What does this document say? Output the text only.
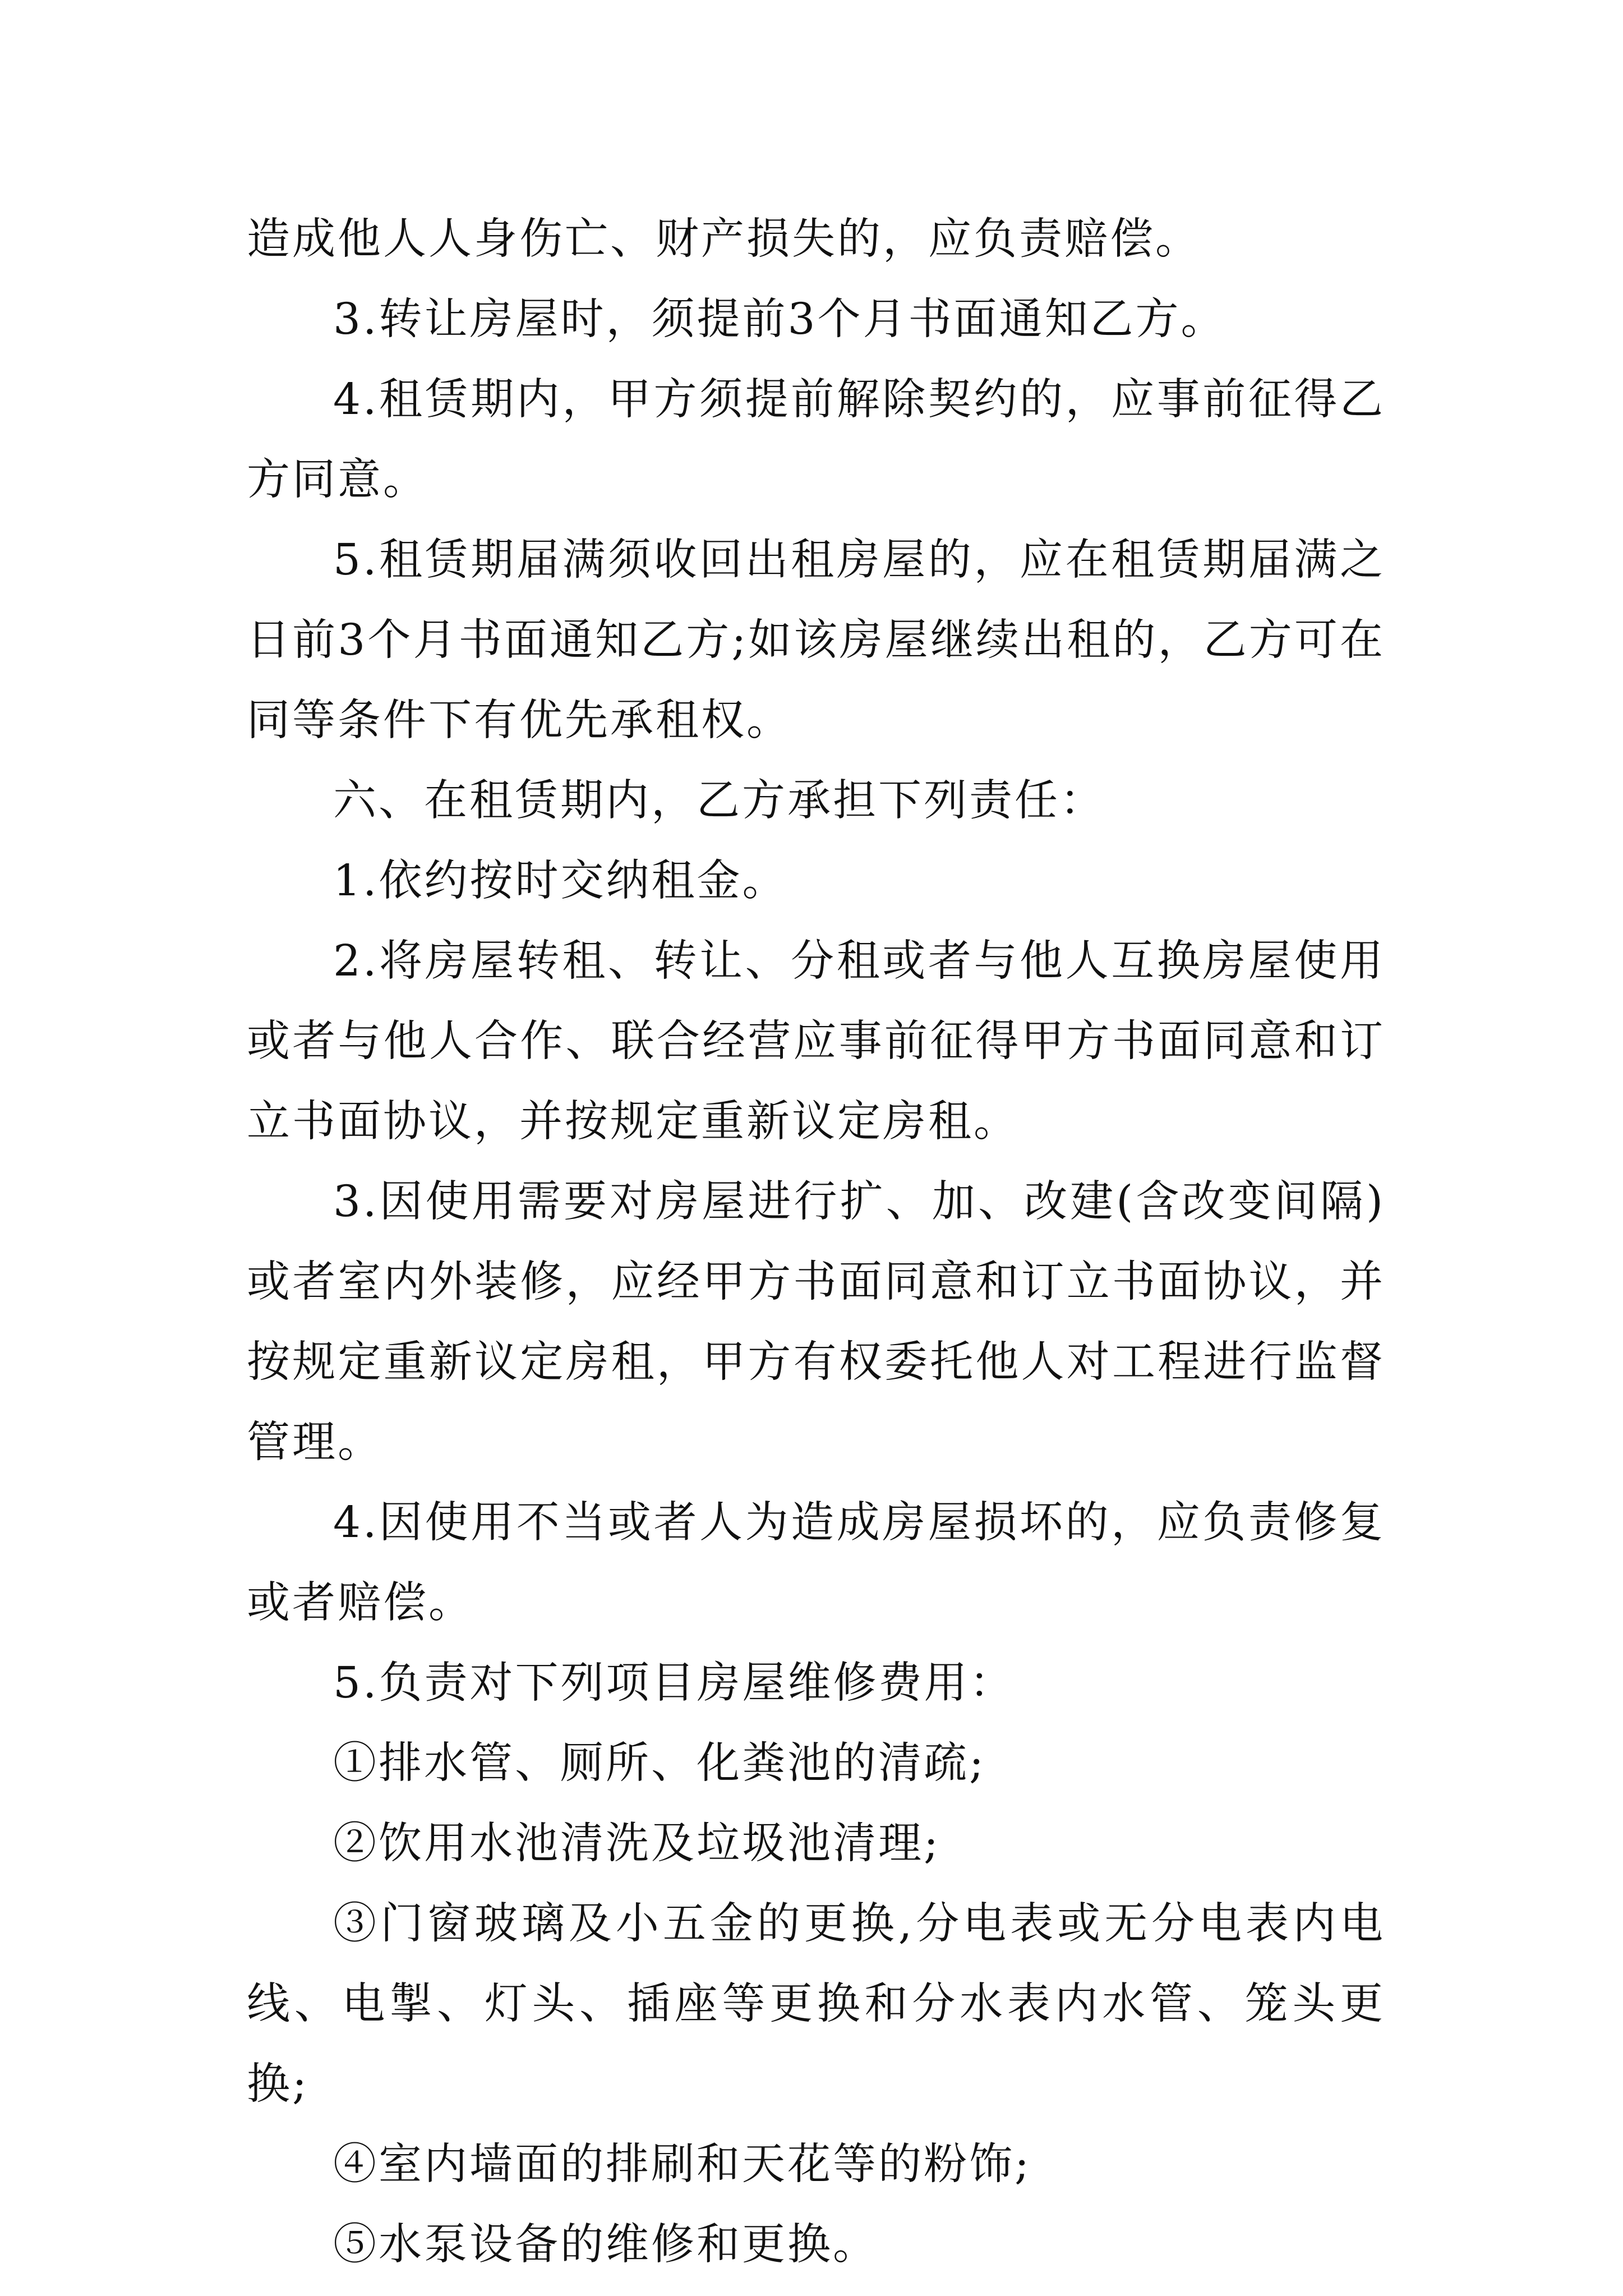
造成他人人身伤亡、财产损失的，应负责赔偿。

3.转让房屋时，须提前3个月书面通知乙方。

4.租赁期内，甲方须提前解除契约的，应事前征得乙方同意。

5.租赁期届满须收回出租房屋的，应在租赁期届满之日前3个月书面通知乙方;如该房屋继续出租的，乙方可在同等条件下有优先承租权。

六、在租赁期内，乙方承担下列责任：

1.依约按时交纳租金。

2.将房屋转租、转让、分租或者与他人互换房屋使用或者与他人合作、联合经营应事前征得甲方书面同意和订立书面协议，并按规定重新议定房租。

3.因使用需要对房屋进行扩、加、改建(含改变间隔)或者室内外装修，应经甲方书面同意和订立书面协议，并按规定重新议定房租，甲方有权委托他人对工程进行监督管理。

4.因使用不当或者人为造成房屋损坏的，应负责修复或者赔偿。

5.负责对下列项目房屋维修费用：

①排水管、厕所、化粪池的清疏;

②饮用水池清洗及垃圾池清理;

③门窗玻璃及小五金的更换,分电表或无分电表内电线、电掣、灯头、插座等更换和分水表内水管、笼头更换;

④室内墙面的排刷和天花等的粉饰;

⑤水泵设备的维修和更换。
